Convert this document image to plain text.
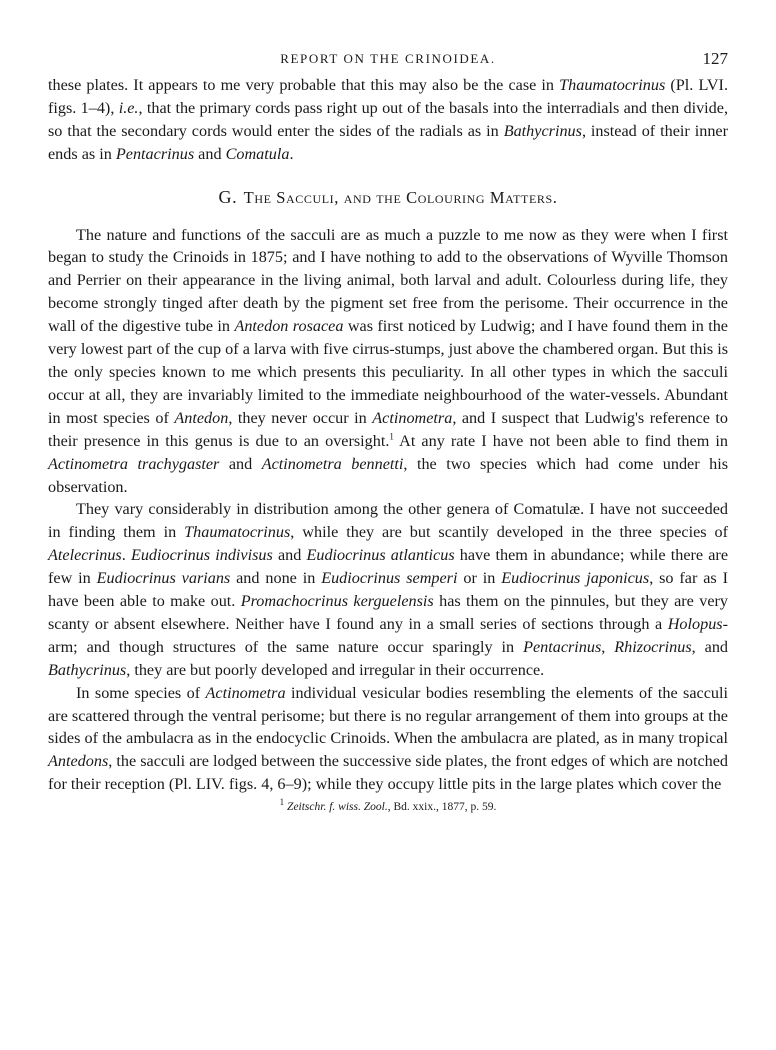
REPORT ON THE CRINOIDEA.	127

these plates. It appears to me very probable that this may also be the case in Thaumatocrinus (Pl. LVI. figs. 1–4), i.e., that the primary cords pass right up out of the basals into the interradials and then divide, so that the secondary cords would enter the sides of the radials as in Bathycrinus, instead of their inner ends as in Pentacrinus and Comatula.

G. The Sacculi, and the Colouring Matters.

The nature and functions of the sacculi are as much a puzzle to me now as they were when I first began to study the Crinoids in 1875; and I have nothing to add to the observations of Wyville Thomson and Perrier on their appearance in the living animal, both larval and adult. Colourless during life, they become strongly tinged after death by the pigment set free from the perisome. Their occurrence in the wall of the digestive tube in Antedon rosacea was first noticed by Ludwig; and I have found them in the very lowest part of the cup of a larva with five cirrus-stumps, just above the chambered organ. But this is the only species known to me which presents this peculiarity. In all other types in which the sacculi occur at all, they are invariably limited to the immediate neighbourhood of the water-vessels. Abundant in most species of Antedon, they never occur in Actinometra, and I suspect that Ludwig's reference to their presence in this genus is due to an oversight.$^1$ At any rate I have not been able to find them in Actinometra trachygaster and Actinometra bennetti, the two species which had come under his observation.

They vary considerably in distribution among the other genera of Comatulæ. I have not succeeded in finding them in Thaumatocrinus, while they are but scantily developed in the three species of Atelecrinus. Eudiocrinus indivisus and Eudiocrinus atlanticus have them in abundance; while there are few in Eudiocrinus varians and none in Eudiocrinus semperi or in Eudiocrinus japonicus, so far as I have been able to make out. Promachocrinus kerguelensis has them on the pinnules, but they are very scanty or absent elsewhere. Neither have I found any in a small series of sections through a Holopus-arm; and though structures of the same nature occur sparingly in Pentacrinus, Rhizocrinus, and Bathycrinus, they are but poorly developed and irregular in their occurrence.

In some species of Actinometra individual vesicular bodies resembling the elements of the sacculi are scattered through the ventral perisome; but there is no regular arrangement of them into groups at the sides of the ambulacra as in the endocyclic Crinoids. When the ambulacra are plated, as in many tropical Antedons, the sacculi are lodged between the successive side plates, the front edges of which are notched for their reception (Pl. LIV. figs. 4, 6–9); while they occupy little pits in the large plates which cover the

$^1$ Zeitschr. f. wiss. Zool., Bd. xxix., 1877, p. 59.
